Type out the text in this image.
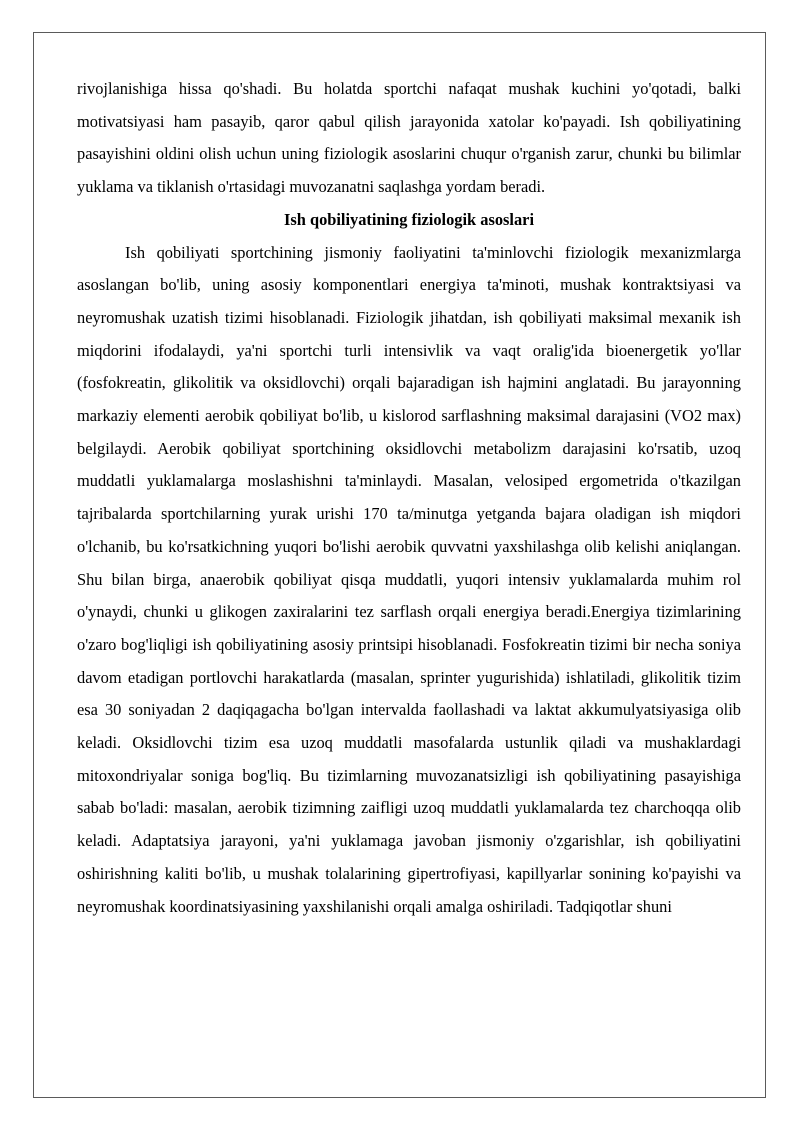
rivojlanishiga hissa qo'shadi. Bu holatda sportchi nafaqat mushak kuchini yo'qotadi, balki motivatsiyasi ham pasayib, qaror qabul qilish jarayonida xatolar ko'payadi. Ish qobiliyatining pasayishini oldini olish uchun uning fiziologik asoslarini chuqur o'rganish zarur, chunki bu bilimlar yuklama va tiklanish o'rtasidagi muvozanatni saqlashga yordam beradi.

Ish qobiliyatining fiziologik asoslari

Ish qobiliyati sportchining jismoniy faoliyatini ta'minlovchi fiziologik mexanizmlarga asoslangan bo'lib, uning asosiy komponentlari energiya ta'minoti, mushak kontraktsiyasi va neyromushak uzatish tizimi hisoblanadi. Fiziologik jihatdan, ish qobiliyati maksimal mexanik ish miqdorini ifodalaydi, ya'ni sportchi turli intensivlik va vaqt oralig'ida bioenergetik yo'llar (fosfokreatin, glikolitik va oksidlovchi) orqali bajaradigan ish hajmini anglatadi. Bu jarayonning markaziy elementi aerobik qobiliyat bo'lib, u kislorod sarflashning maksimal darajasini (VO2 max) belgilaydi. Aerobik qobiliyat sportchining oksidlovchi metabolizm darajasini ko'rsatib, uzoq muddatli yuklamalarga moslashishni ta'minlaydi. Masalan, velosiped ergometrida o'tkazilgan tajribalarda sportchilarning yurak urishi 170 ta/minutga yetganda bajara oladigan ish miqdori o'lchanib, bu ko'rsatkichning yuqori bo'lishi aerobik quvvatni yaxshilashga olib kelishi aniqlangan. Shu bilan birga, anaerobik qobiliyat qisqa muddatli, yuqori intensiv yuklamalarda muhim rol o'ynaydi, chunki u glikogen zaxiralarini tez sarflash orqali energiya beradi.Energiya tizimlarining o'zaro bog'liqligi ish qobiliyatining asosiy printsipi hisoblanadi. Fosfokreatin tizimi bir necha soniya davom etadigan portlovchi harakatlarda (masalan, sprinter yugurishida) ishlatiladi, glikolitik tizim esa 30 soniyadan 2 daqiqagacha bo'lgan intervalda faollashadi va laktat akkumulyatsiyasiga olib keladi. Oksidlovchi tizim esa uzoq muddatli masofalarda ustunlik qiladi va mushaklardagi mitoxondriyalar soniga bog'liq. Bu tizimlarning muvozanatsizligi ish qobiliyatining pasayishiga sabab bo'ladi: masalan, aerobik tizimning zaifligi uzoq muddatli yuklamalarda tez charchoqqa olib keladi. Adaptatsiya jarayoni, ya'ni yuklamaga javoban jismoniy o'zgarishlar, ish qobiliyatini oshirishning kaliti bo'lib, u mushak tolalarining gipertrofiyasi, kapillyarlar sonining ko'payishi va neyromushak koordinatsiyasining yaxshilanishi orqali amalga oshiriladi. Tadqiqotlar shuni
